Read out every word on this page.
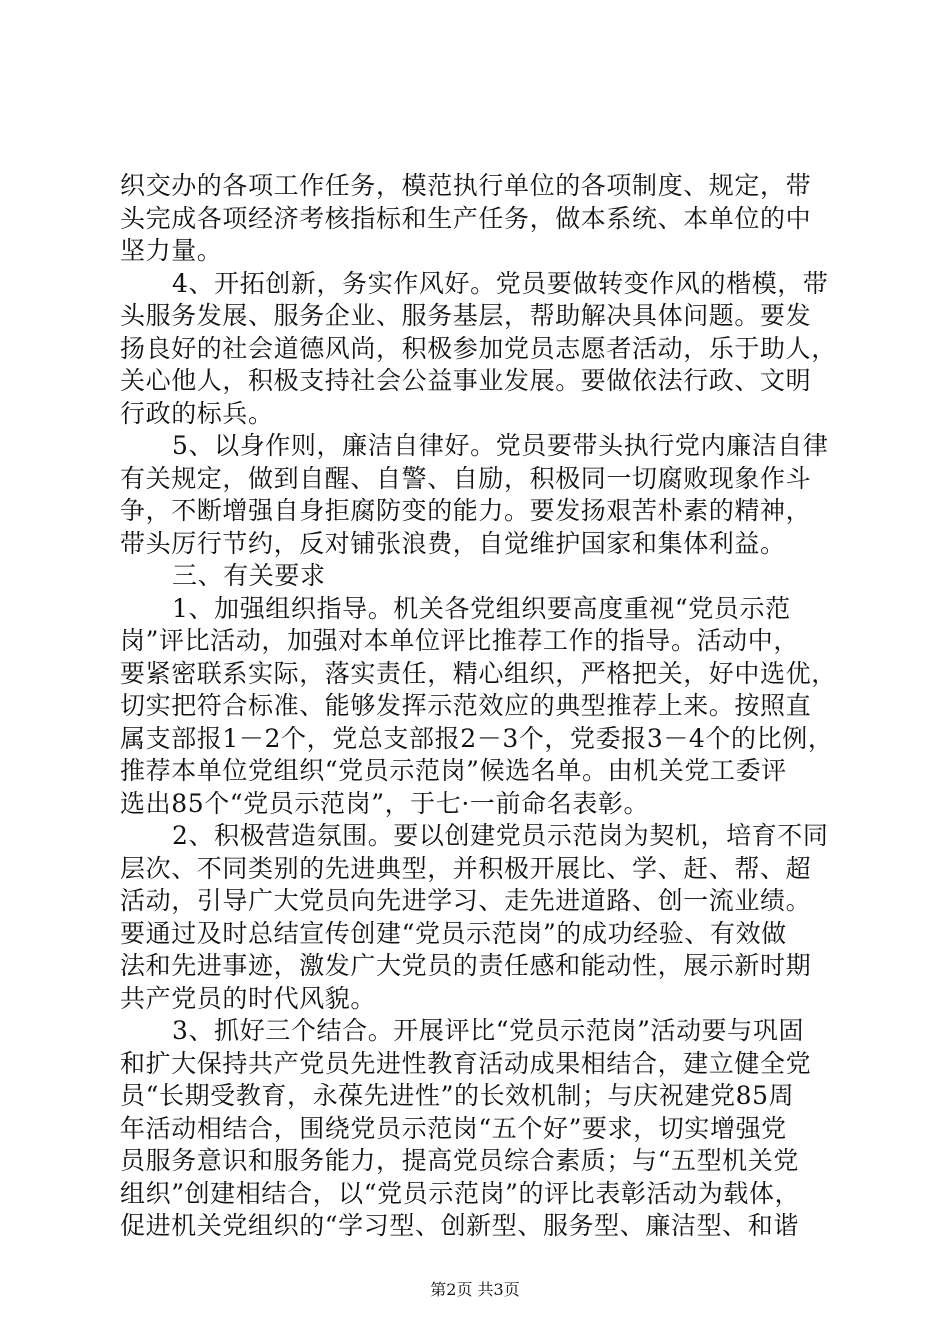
织交办的各项工作任务，模范执行单位的各项制度、规定，带
头完成各项经济考核指标和生产任务，做本系统、本单位的中
坚力量。
4、开拓创新，务实作风好。党员要做转变作风的楷模，带
头服务发展、服务企业、服务基层，帮助解决具体问题。要发
扬良好的社会道德风尚，积极参加党员志愿者活动，乐于助人，
关心他人，积极支持社会公益事业发展。要做依法行政、文明
行政的标兵。
5、以身作则，廉洁自律好。党员要带头执行党内廉洁自律
有关规定，做到自醒、自警、自励，积极同一切腐败现象作斗
争，不断增强自身拒腐防变的能力。要发扬艰苦朴素的精神，
带头厉行节约，反对铺张浪费，自觉维护国家和集体利益。
三、有关要求
1、加强组织指导。机关各党组织要高度重视“党员示范
岗”评比活动，加强对本单位评比推荐工作的指导。活动中，
要紧密联系实际，落实责任，精心组织，严格把关，好中选优，
切实把符合标准、能够发挥示范效应的典型推荐上来。按照直
属支部报1－2个，党总支部报2－3个，党委报3－4个的比例，
推荐本单位党组织“党员示范岗”候选名单。由机关党工委评
选出85个“党员示范岗”，于七·一前命名表彰。
2、积极营造氛围。要以创建党员示范岗为契机，培育不同
层次、不同类别的先进典型，并积极开展比、学、赶、帮、超
活动，引导广大党员向先进学习、走先进道路、创一流业绩。
要通过及时总结宣传创建“党员示范岗”的成功经验、有效做
法和先进事迹，激发广大党员的责任感和能动性，展示新时期
共产党员的时代风貌。
3、抓好三个结合。开展评比“党员示范岗”活动要与巩固
和扩大保持共产党员先进性教育活动成果相结合，建立健全党
员“长期受教育，永葆先进性”的长效机制；与庆祝建党85周
年活动相结合，围绕党员示范岗“五个好”要求，切实增强党
员服务意识和服务能力，提高党员综合素质；与“五型机关党
组织”创建相结合，以“党员示范岗”的评比表彰活动为载体，
促进机关党组织的“学习型、创新型、服务型、廉洁型、和谐
第2页 共3页
